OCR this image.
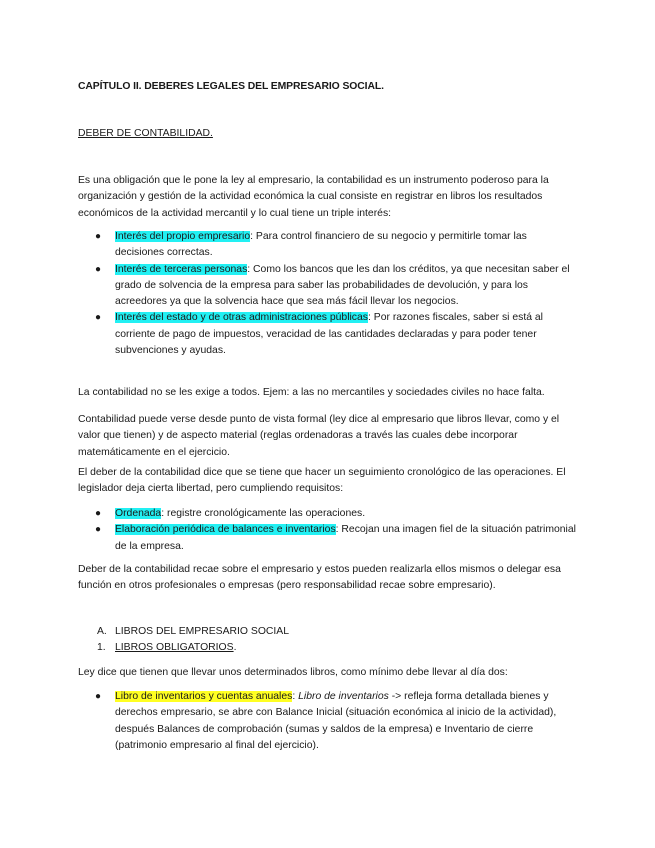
CAPÍTULO II. DEBERES LEGALES DEL EMPRESARIO SOCIAL.

DEBER DE CONTABILIDAD.

Es una obligación que le pone la ley al empresario, la contabilidad es un instrumento poderoso para la organización y gestión de la actividad económica la cual consiste en registrar en libros los resultados económicos de la actividad mercantil y lo cual tiene un triple interés:

● Interés del propio empresario: Para control financiero de su negocio y permitirle tomar las decisiones correctas.
● Interés de terceras personas: Como los bancos que les dan los créditos, ya que necesitan saber el grado de solvencia de la empresa para saber las probabilidades de devolución, y para los acreedores ya que la solvencia hace que sea más fácil llevar los negocios.
● Interés del estado y de otras administraciones públicas: Por razones fiscales, saber si está al corriente de pago de impuestos, veracidad de las cantidades declaradas y para poder tener subvenciones y ayudas.

La contabilidad no se les exige a todos. Ejem: a las no mercantiles y sociedades civiles no hace falta.

Contabilidad puede verse desde punto de vista formal (ley dice al empresario que libros llevar, como y el valor que tienen) y de aspecto material (reglas ordenadoras a través las cuales debe incorporar matemáticamente en el ejercicio.

El deber de la contabilidad dice que se tiene que hacer un seguimiento cronológico de las operaciones. El legislador deja cierta libertad, pero cumpliendo requisitos:

● Ordenada: registre cronológicamente las operaciones.
● Elaboración periódica de balances e inventarios: Recojan una imagen fiel de la situación patrimonial de la empresa.

Deber de la contabilidad recae sobre el empresario y estos pueden realizarla ellos mismos o delegar esa función en otros profesionales o empresas (pero responsabilidad recae sobre empresario).

A. LIBROS DEL EMPRESARIO SOCIAL
1. LIBROS OBLIGATORIOS.

Ley dice que tienen que llevar unos determinados libros, como mínimo debe llevar al día dos:

● Libro de inventarios y cuentas anuales: Libro de inventarios -> refleja forma detallada bienes y derechos empresario, se abre con Balance Inicial (situación económica al inicio de la actividad), después Balances de comprobación (sumas y saldos de la empresa) e Inventario de cierre (patrimonio empresario al final del ejercicio).
